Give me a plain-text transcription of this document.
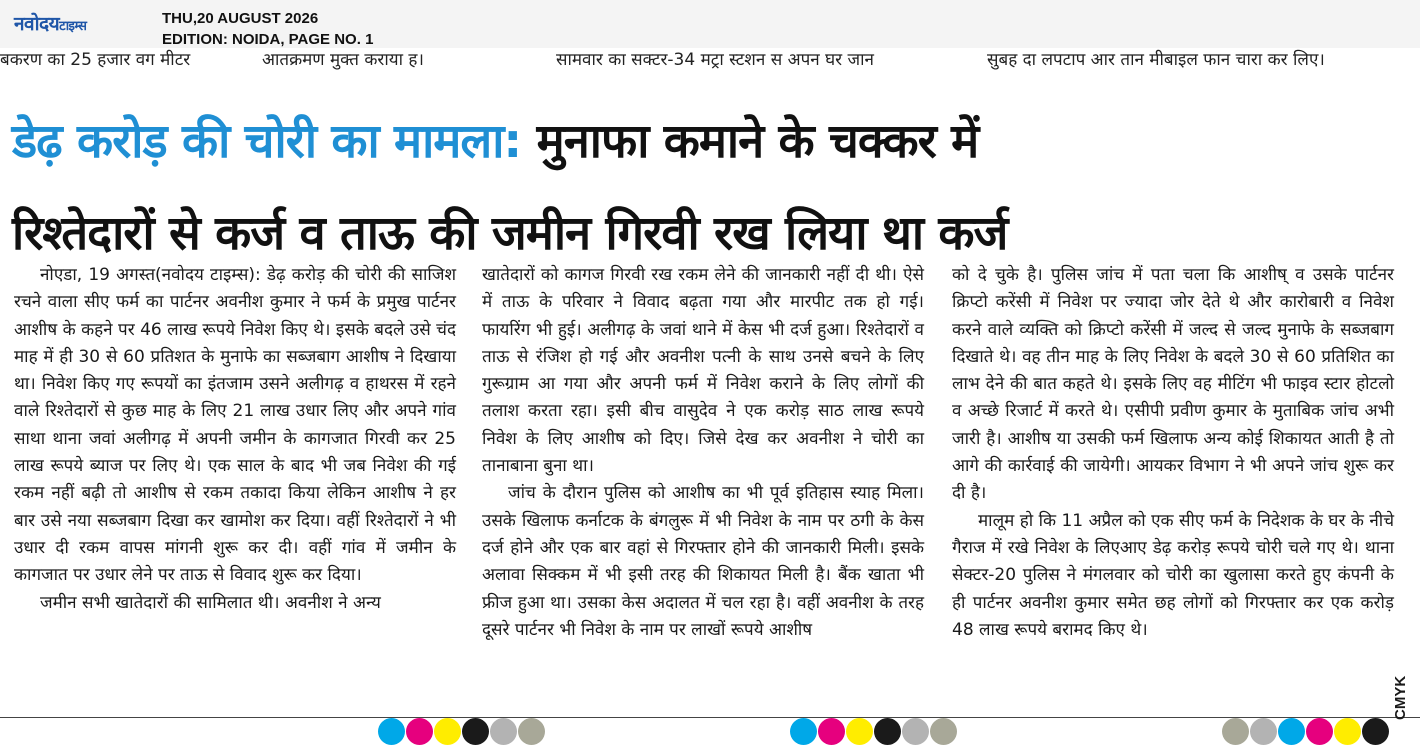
नवोदयटाइम्स	THU,20 AUGUST 2026
EDITION: NOIDA, PAGE NO. 1
बकरण का 25 हजार वग मीटर	आतक्रमण मुक्त कराया ह।	सामवार का सक्टर-34 मट्रा स्टशन स अपन घर जान	सुबह दा लपटाप आर तान मीबाइल फान चारा कर लिए।
डेढ़ करोड़ की चोरी का मामला: मुनाफा कमाने के चक्कर में
रिश्तेदारों से कर्ज व ताऊ की जमीन गिरवी रख लिया था कर्ज

नोएडा, 19 अगस्त(नवोदय टाइम्स): डेढ़ करोड़ की चोरी की साजिश रचने वाला सीए फर्म का पार्टनर अवनीश कुमार ने फर्म के प्रमुख पार्टनर आशीष के कहने पर 46 लाख रूपये निवेश किए थे। इसके बदले उसे चंद माह में ही 30 से 60 प्रतिशत के मुनाफे का सब्जबाग आशीष ने दिखाया था। निवेश किए गए रूपयों का इंतजाम उसने अलीगढ़ व हाथरस में रहने वाले रिश्तेदारों से कुछ माह के लिए 21 लाख उधार लिए और अपने गांव साथा थाना जवां अलीगढ़ में अपनी जमीन के कागजात गिरवी कर 25 लाख रूपये ब्याज पर लिए थे। एक साल के बाद भी जब निवेश की गई रकम नहीं बढ़ी तो आशीष से रकम तकादा किया लेकिन आशीष ने हर बार उसे नया सब्जबाग दिखा कर खामोश कर दिया। वहीं रिश्तेदारों ने भी उधार दी रकम वापस मांगनी शुरू कर दी। वहीं गांव में जमीन के कागजात पर उधार लेने पर ताऊ से विवाद शुरू कर दिया।

जमीन सभी खातेदारों की सामिलात थी। अवनीश ने अन्य

खातेदारों को कागज गिरवी रख रकम लेने की जानकारी नहीं दी थी। ऐसे में ताऊ के परिवार ने विवाद बढ़ता गया और मारपीट तक हो गई। फायरिंग भी हुई। अलीगढ़ के जवां थाने में केस भी दर्ज हुआ। रिश्तेदारों व ताऊ से रंजिश हो गई और अवनीश पत्नी के साथ उनसे बचने के लिए गुरूग्राम आ गया और अपनी फर्म में निवेश कराने के लिए लोगों की तलाश करता रहा। इसी बीच वासुदेव ने एक करोड़ साठ लाख रूपये निवेश के लिए आशीष को दिए। जिसे देख कर अवनीश ने चोरी का तानाबाना बुना था।

जांच के दौरान पुलिस को आशीष का भी पूर्व इतिहास स्याह मिला। उसके खिलाफ कर्नाटक के बंगलुरू में भी निवेश के नाम पर ठगी के केस दर्ज होने और एक बार वहां से गिरफ्तार होने की जानकारी मिली। इसके अलावा सिक्कम में भी इसी तरह की शिकायत मिली है। बैंक खाता भी फ्रीज हुआ था। उसका केस अदालत में चल रहा है। वहीं अवनीश के तरह दूसरे पार्टनर भी निवेश के नाम पर लाखों रूपये आशीष

को दे चुके है। पुलिस जांच में पता चला कि आशीष् व उसके पार्टनर क्रिप्टो करेंसी में निवेश पर ज्यादा जोर देते थे और कारोबारी व निवेश करने वाले व्यक्ति को क्रिप्टो करेंसी में जल्द से जल्द मुनाफे के सब्जबाग दिखाते थे। वह तीन माह के लिए निवेश के बदले 30 से 60 प्रतिशित का लाभ देने की बात कहते थे। इसके लिए वह मीटिंग भी फाइव स्टार होटलो व अच्छे रिजार्ट में करते थे। एसीपी प्रवीण कुमार के मुताबिक जांच अभी जारी है। आशीष या उसकी फर्म खिलाफ अन्य कोई शिकायत आती है तो आगे की कार्रवाई की जायेगी। आयकर विभाग ने भी अपने जांच शुरू कर दी है।

मालूम हो कि 11 अप्रैल को एक सीए फर्म के निदेशक के घर के नीचे गैराज में रखे निवेश के लिएआए डेढ़ करोड़ रूपये चोरी चले गए थे। थाना सेक्टर-20 पुलिस ने मंगलवार को चोरी का खुलासा करते हुए कंपनी के ही पार्टनर अवनीश कुमार समेत छह लोगों को गिरफ्तार कर एक करोड़ 48 लाख रूपये बरामद किए थे।

CMYK
